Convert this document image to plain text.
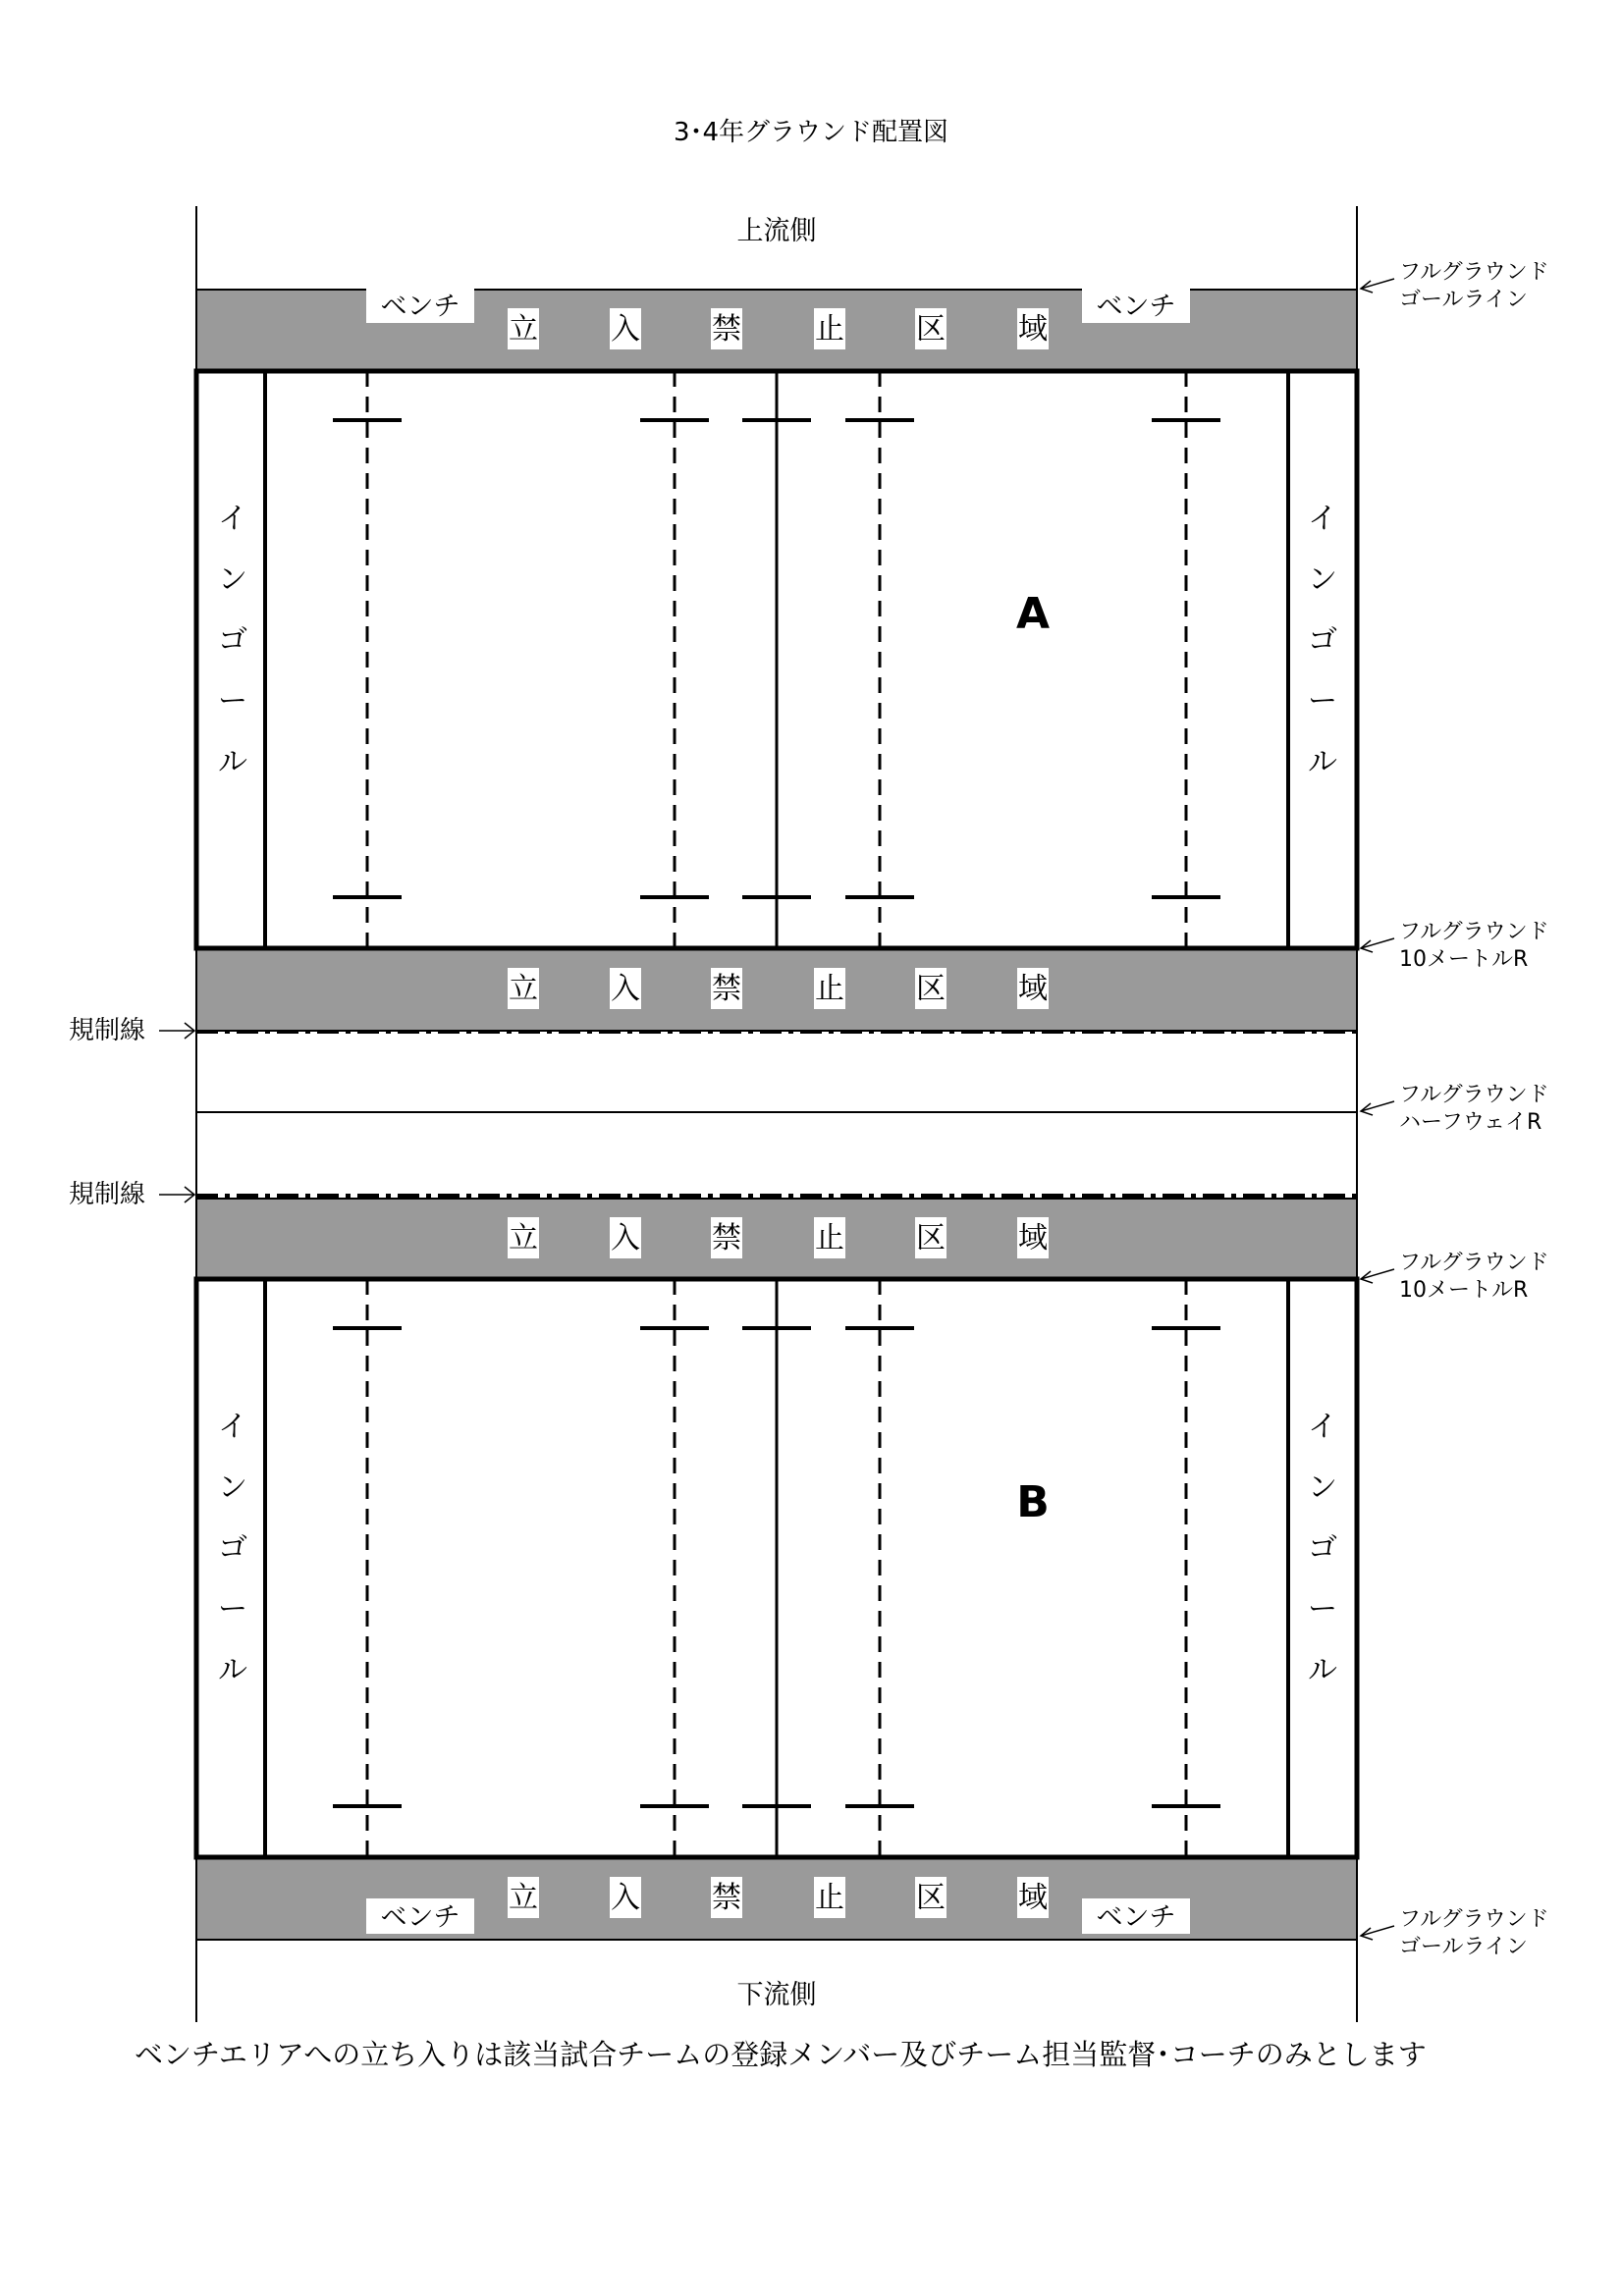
3･4年グラウンド配置図
上流側
下流側
立 入 禁	止 区 域
立 入 禁	止 区 域
立 入 禁	止 区 域
立 入 禁	止 区 域
ベンチ	ベンチ
ベンチ	ベンチ
イ
ン
ゴ
ー
ル
イ
ン
ゴ
ー
ル
イ
ン
ゴ
ー
ル
イ
ン
ゴ
ー
ル
A
B
規制線
規制線
フルグラウンド
ゴールライン
フルグラウンド
10メートルR
フルグラウンド
ハーフウェイR
フルグラウンド
10メートルR
フルグラウンド
ゴールライン
ベンチエリアへの立ち入りは該当試合チームの登録メンバー及びチーム担当監督･コーチのみとします
